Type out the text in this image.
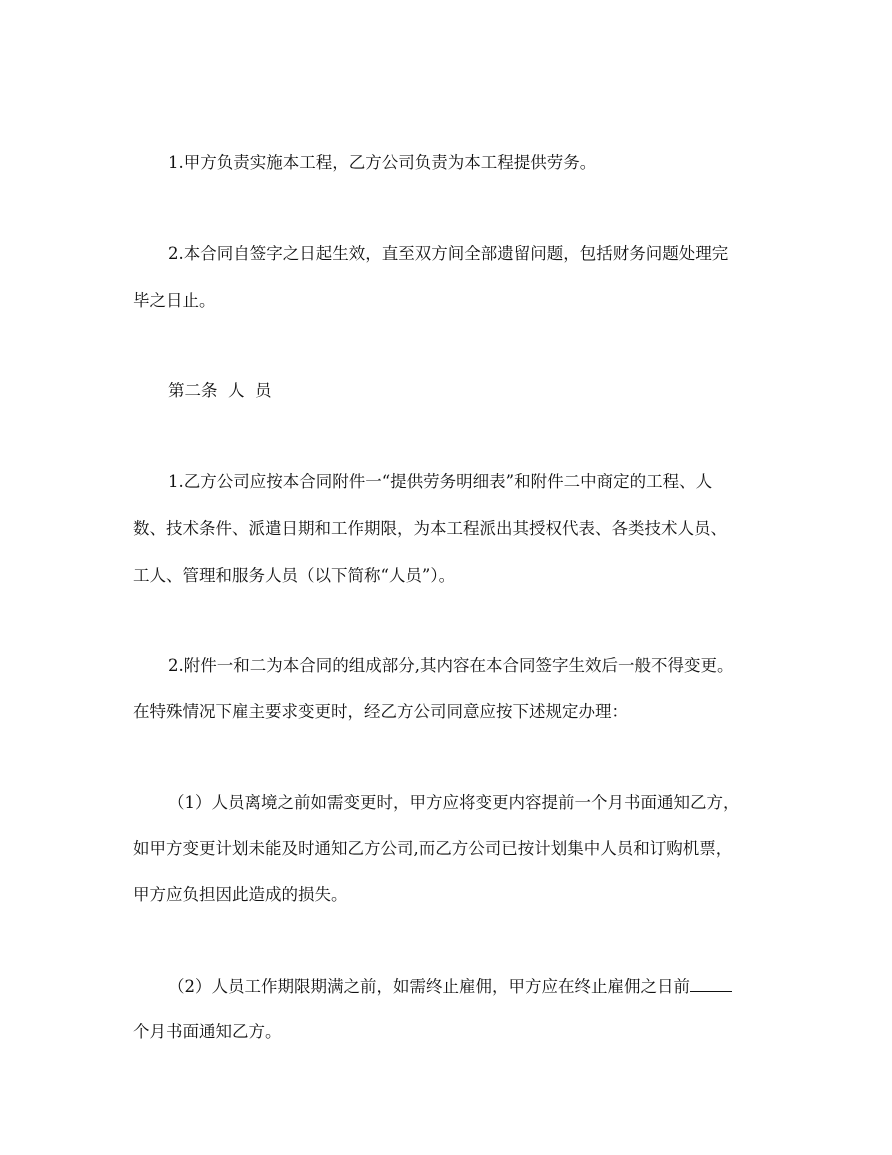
1.甲方负责实施本工程，乙方公司负责为本工程提供劳务。
2.本合同自签字之日起生效，直至双方间全部遗留问题，包括财务问题处理完
毕之日止。
第二条  人  员
1.乙方公司应按本合同附件一“提供劳务明细表”和附件二中商定的工程、人
数、技术条件、派遣日期和工作期限，为本工程派出其授权代表、各类技术人员、
工人、管理和服务人员（以下简称“人员”）。
2.附件一和二为本合同的组成部分,其内容在本合同签字生效后一般不得变更。
在特殊情况下雇主要求变更时，经乙方公司同意应按下述规定办理：
（1）人员离境之前如需变更时，甲方应将变更内容提前一个月书面通知乙方，
如甲方变更计划未能及时通知乙方公司,而乙方公司已按计划集中人员和订购机票，
甲方应负担因此造成的损失。
（2）人员工作期限期满之前，如需终止雇佣，甲方应在终止雇佣之日前
个月书面通知乙方。
